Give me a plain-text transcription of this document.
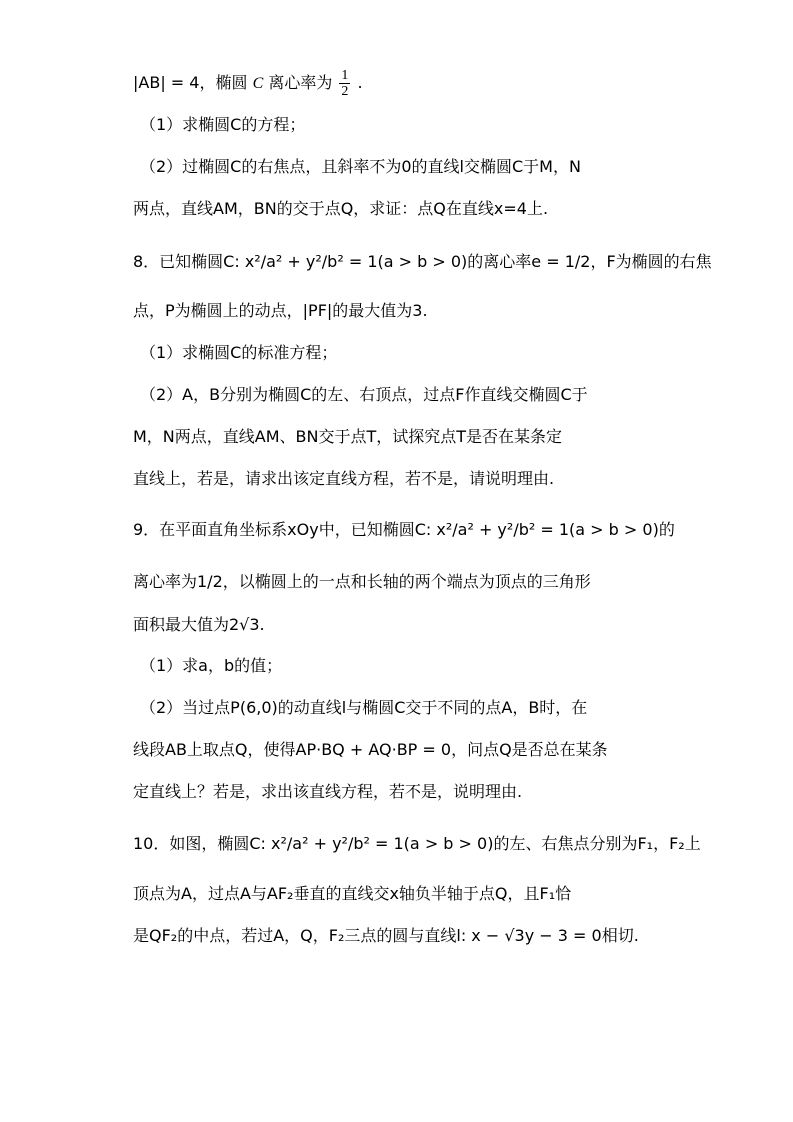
|AB| = 4，椭圆 C 离心率为 $\frac{1}{2}$ .
（1）求椭圆C的方程；
（2）过椭圆C的右焦点，且斜率不为0的直线l交椭圆C于M，N
两点，直线AM，BN的交于点Q，求证：点Q在直线x=4上.
8．已知椭圆C: x²/a² + y²/b² = 1(a > b > 0)的离心率e = 1/2，F为椭圆的右焦
点，P为椭圆上的动点，|PF|的最大值为3.
（1）求椭圆C的标准方程；
（2）A，B分别为椭圆C的左、右顶点，过点F作直线交椭圆C于
M，N两点，直线AM、BN交于点T，试探究点T是否在某条定
直线上，若是，请求出该定直线方程，若不是，请说明理由.
9．在平面直角坐标系xOy中，已知椭圆C: x²/a² + y²/b² = 1(a > b > 0)的
离心率为1/2，以椭圆上的一点和长轴的两个端点为顶点的三角形
面积最大值为2√3.
（1）求a，b的值；
（2）当过点P(6,0)的动直线l与椭圆C交于不同的点A，B时，在
线段AB上取点Q，使得AP·BQ + AQ·BP = 0，问点Q是否总在某条
定直线上？若是，求出该直线方程，若不是，说明理由.
10．如图，椭圆C: x²/a² + y²/b² = 1(a > b > 0)的左、右焦点分别为F₁，F₂上
顶点为A，过点A与AF₂垂直的直线交x轴负半轴于点Q，且F₁恰
是QF₂的中点，若过A，Q，F₂三点的圆与直线l: x − √3y − 3 = 0相切.
